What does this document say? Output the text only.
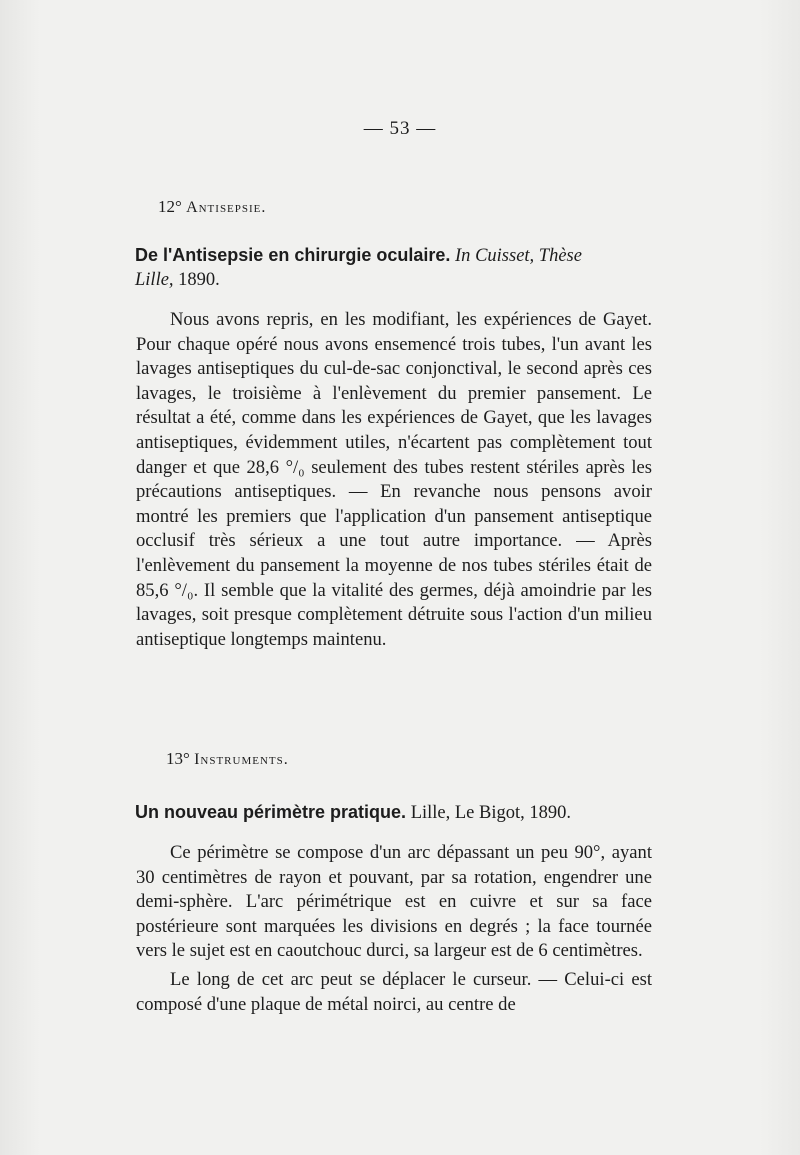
— 53 —
12° Antisepsie.
De l'Antisepsie en chirurgie oculaire. In Cuisset, Thèse
Lille, 1890.

Nous avons repris, en les modifiant, les expériences de Gayet. Pour chaque opéré nous avons ensemencé trois tubes, l'un avant les lavages antiseptiques du cul-de-sac conjonctival, le second après ces lavages, le troisième à l'enlèvement du premier pansement. Le résultat a été, comme dans les expériences de Gayet, que les lavages antiseptiques, évidemment utiles, n'écartent pas complètement tout danger et que 28,6 °/₀ seulement des tubes restent stériles après les précautions antiseptiques. — En revanche nous pensons avoir montré les premiers que l'application d'un pansement antiseptique occlusif très sérieux a une tout autre importance. — Après l'enlèvement du pansement la moyenne de nos tubes stériles était de 85,6 °/₀. Il semble que la vitalité des germes, déjà amoindrie par les lavages, soit presque complètement détruite sous l'action d'un milieu antiseptique longtemps maintenu.

13° Instruments.
Un nouveau périmètre pratique. Lille, Le Bigot, 1890.

Ce périmètre se compose d'un arc dépassant un peu 90°, ayant 30 centimètres de rayon et pouvant, par sa rotation, engendrer une demi-sphère. L'arc périmétrique est en cuivre et sur sa face postérieure sont marquées les divisions en degrés ; la face tournée vers le sujet est en caoutchouc durci, sa largeur est de 6 centimètres.

Le long de cet arc peut se déplacer le curseur. — Celui-ci est composé d'une plaque de métal noirci, au centre de
